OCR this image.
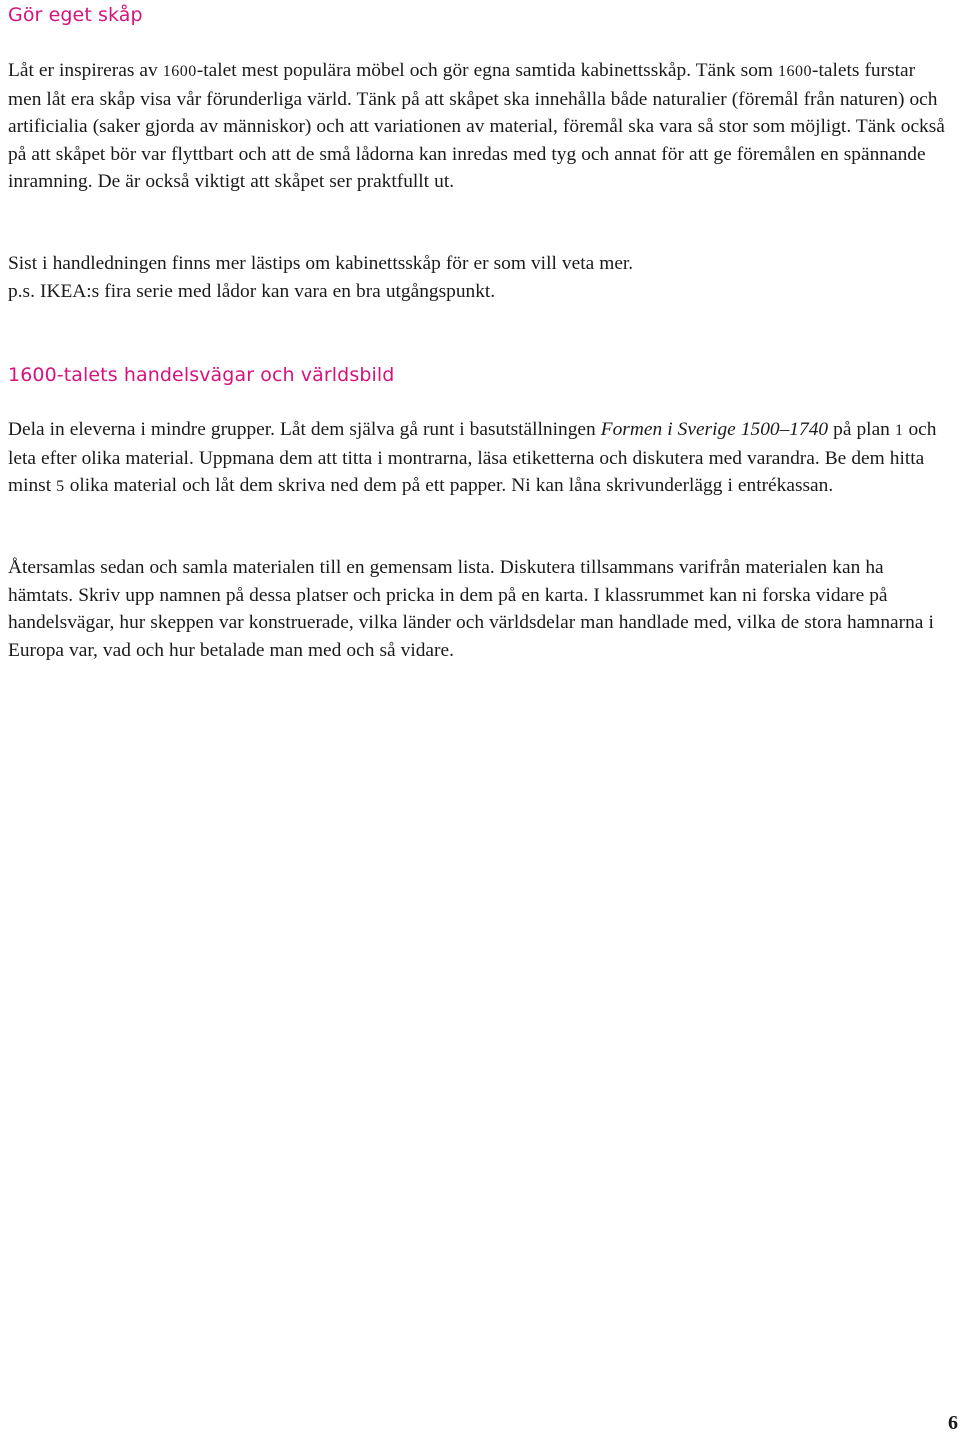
Gör eget skåp

Låt er inspireras av 1600-talet mest populära möbel och gör egna samtida kabinettsskåp. Tänk som 1600-talets furstar men låt era skåp visa vår förunderliga värld. Tänk på att skåpet ska innehålla både naturalier (föremål från naturen) och artificialia (saker gjorda av människor) och att variationen av material, föremål ska vara så stor som möjligt. Tänk också på att skåpet bör var flyttbart och att de små lådorna kan inredas med tyg och annat för att ge föremålen en spännande inramning. De är också viktigt att skåpet ser praktfullt ut.

Sist i handledningen finns mer lästips om kabinettsskåp för er som vill veta mer.

p.s. IKEA:s fira serie med lådor kan vara en bra utgångspunkt.

1600-talets handelsvägar och världsbild

Dela in eleverna i mindre grupper. Låt dem själva gå runt i basutställningen Formen i Sverige 1500–1740 på plan 1 och leta efter olika material. Uppmana dem att titta i montrarna, läsa etiketterna och diskutera med varandra. Be dem hitta minst 5 olika material och låt dem skriva ned dem på ett papper. Ni kan låna skrivunderlägg i entrékassan.

Återsamlas sedan och samla materialen till en gemensam lista. Diskutera tillsammans varifrån materialen kan ha hämtats. Skriv upp namnen på dessa platser och pricka in dem på en karta. I klassrummet kan ni forska vidare på handelsvägar, hur skeppen var konstruerade, vilka länder och världsdelar man handlade med, vilka de stora hamnarna i Europa var, vad och hur betalade man med och så vidare.

6
